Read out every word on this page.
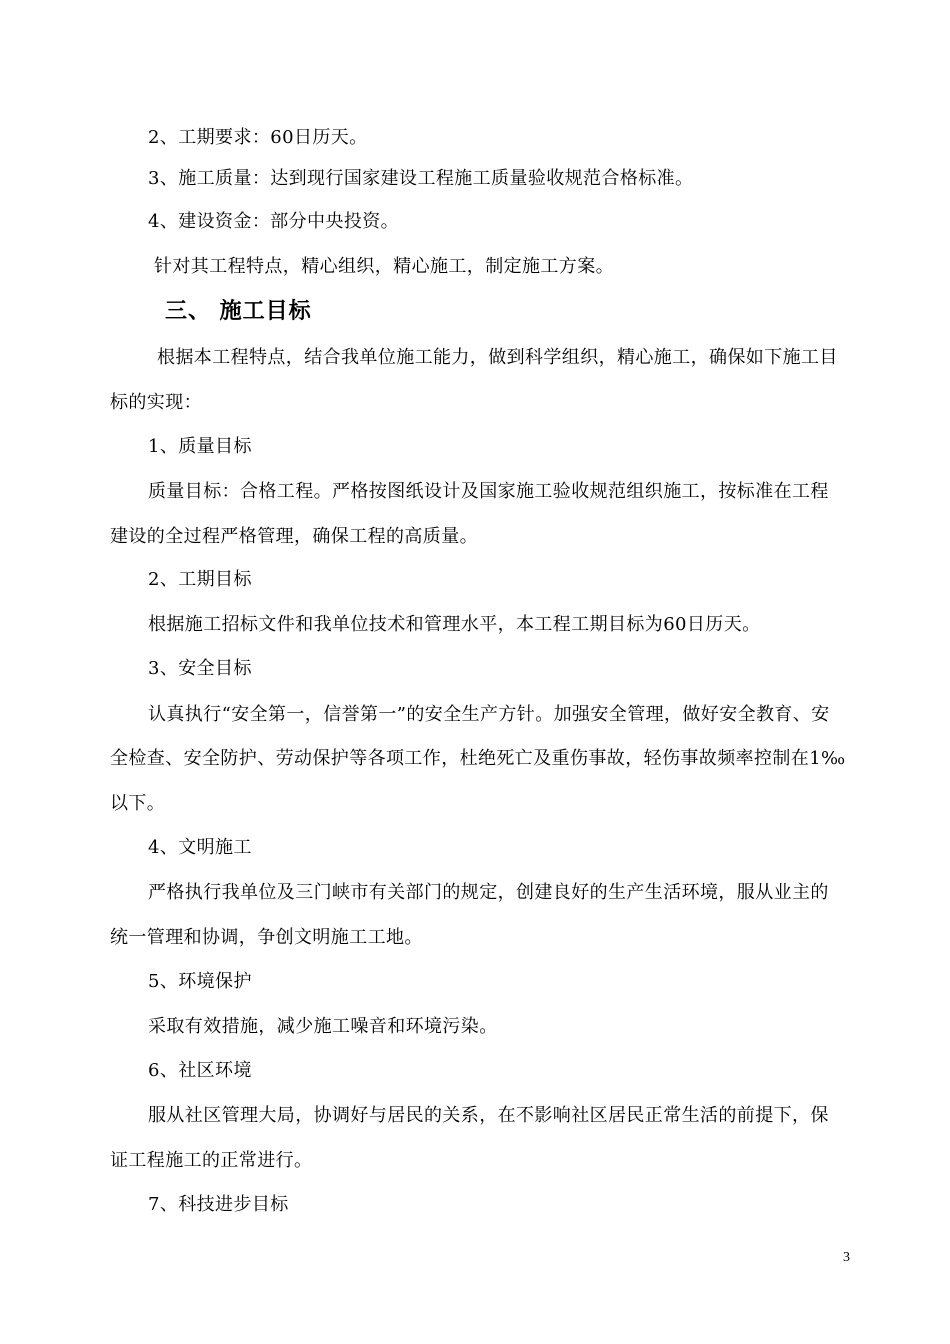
2、工期要求：60日历天。
3、施工质量：达到现行国家建设工程施工质量验收规范合格标准。
4、建设资金：部分中央投资。
针对其工程特点，精心组织，精心施工，制定施工方案。
三、 施工目标
根据本工程特点，结合我单位施工能力，做到科学组织，精心施工，确保如下施工目
标的实现：
1、质量目标
质量目标：合格工程。严格按图纸设计及国家施工验收规范组织施工，按标准在工程
建设的全过程严格管理，确保工程的高质量。
2、工期目标
根据施工招标文件和我单位技术和管理水平，本工程工期目标为60日历天。
3、安全目标
认真执行“安全第一，信誉第一”的安全生产方针。加强安全管理，做好安全教育、安
全检查、安全防护、劳动保护等各项工作，杜绝死亡及重伤事故，轻伤事故频率控制在1‰
以下。
4、文明施工
严格执行我单位及三门峡市有关部门的规定，创建良好的生产生活环境，服从业主的
统一管理和协调，争创文明施工工地。
5、环境保护
采取有效措施，减少施工噪音和环境污染。
6、社区环境
服从社区管理大局，协调好与居民的关系，在不影响社区居民正常生活的前提下，保
证工程施工的正常进行。
7、科技进步目标
3
